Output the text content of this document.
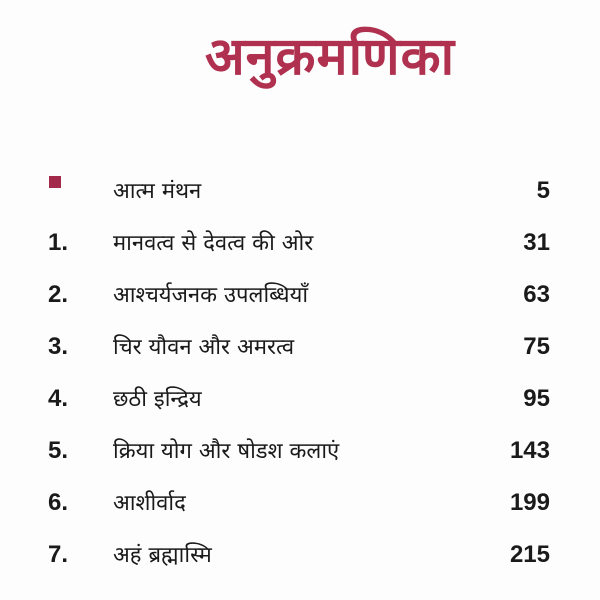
अनुक्रमणिका
आत्म मंथन	5
1. मानवत्व से देवत्व की ओर	31
2. आश्चर्यजनक उपलब्धियाँ	63
3. चिर यौवन और अमरत्व	75
4. छठी इन्द्रिय	95
5. क्रिया योग और षोडश कलाएं	143
6. आशीर्वाद	199
7. अहं ब्रह्मास्मि	215
